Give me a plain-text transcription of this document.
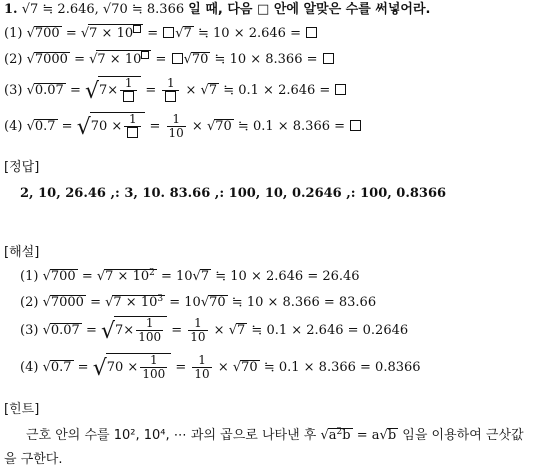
1. √7 ≒ 2.646, √70 ≒ 8.366 일 때, 다음 □ 안에 알맞은 수를 써넣어라.
(1) √700 = √7 × 10 = √7 ≒ 10 × 2.646 =
(2) √7000 = √7 × 10 = √70 ≒ 10 × 8.366 =
(3) √0.07 = √7× 1 = 1 × √7 ≒ 0.1 × 2.646 =
(4) $√0.7 = √70 \times 1 = \frac{1}{10} \times √70$ ≒ 0.1 × 8.366 =
[정답]
2, 10, 26.46 ,: 3, 10. 83.66 ,: 100, 10, 0.2646 ,: 100, 0.8366
[해설]
(1) $√700 = √7 \times 10^2 = 10√7$ ≒ 10 × 2.646 = 26.46
(2) $√7000 = √7 \times 10^3 = 10√70$ ≒ 10 × 8.366 = 83.66
(3) $√0.07 = √7\times \frac{1}{100} = \frac{1}{10} \times √7$ ≒ 0.1 × 2.646 = 0.2646
(4) $√0.7 = √70 \times \frac{1}{100} = \frac{1}{10} \times √70$ ≒ 0.1 × 8.366 = 0.8366
[힌트]
근호 안의 수를 10², 10⁴, ⋯ 과의 곱으로 나타낸 후 $√a^2b = a√b$ 임을 이용하여 근삿값을 구한다.
